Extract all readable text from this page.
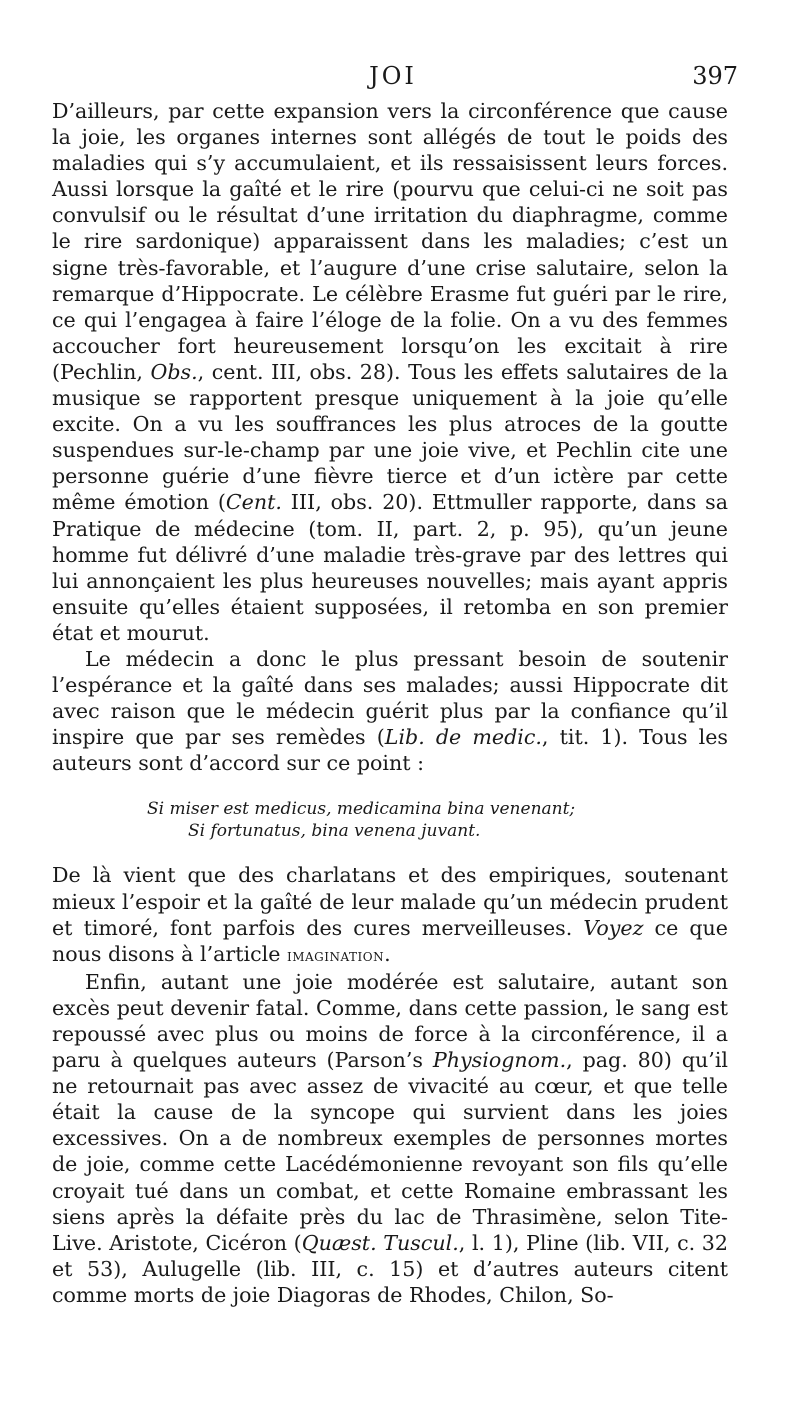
JOI	397

D’ailleurs, par cette expansion vers la circonférence que cause la joie, les organes internes sont allégés de tout le poids des maladies qui s’y accumulaient, et ils ressaisissent leurs forces. Aussi lorsque la gaîté et le rire (pourvu que celui-ci ne soit pas convulsif ou le résultat d’une irritation du diaphragme, comme le rire sardonique) apparaissent dans les maladies; c’est un signe très-favorable, et l’augure d’une crise salutaire, selon la remarque d’Hippocrate. Le célèbre Erasme fut guéri par le rire, ce qui l’engagea à faire l’éloge de la folie. On a vu des femmes accoucher fort heureusement lorsqu’on les excitait à rire (Pechlin, Obs., cent. III, obs. 28). Tous les effets salutaires de la musique se rapportent presque uniquement à la joie qu’elle excite. On a vu les souffrances les plus atroces de la goutte suspendues sur-le-champ par une joie vive, et Pechlin cite une personne guérie d’une fièvre tierce et d’un ictère par cette même émotion (Cent. III, obs. 20). Ettmuller rapporte, dans sa Pratique de médecine (tom. II, part. 2, p. 95), qu’un jeune homme fut délivré d’une maladie très-grave par des lettres qui lui annonçaient les plus heureuses nouvelles; mais ayant appris ensuite qu’elles étaient supposées, il retomba en son premier état et mourut.

Le médecin a donc le plus pressant besoin de soutenir l’espérance et la gaîté dans ses malades; aussi Hippocrate dit avec raison que le médecin guérit plus par la confiance qu’il inspire que par ses remèdes (Lib. de medic., tit. 1). Tous les auteurs sont d’accord sur ce point :

Si miser est medicus, medicamina bina venenant;
Si fortunatus, bina venena juvant.

De là vient que des charlatans et des empiriques, soutenant mieux l’espoir et la gaîté de leur malade qu’un médecin prudent et timoré, font parfois des cures merveilleuses. Voyez ce que nous disons à l’article imagination.

Enfin, autant une joie modérée est salutaire, autant son excès peut devenir fatal. Comme, dans cette passion, le sang est repoussé avec plus ou moins de force à la circonférence, il a paru à quelques auteurs (Parson’s Physiognom., pag. 80) qu’il ne retournait pas avec assez de vivacité au cœur, et que telle était la cause de la syncope qui survient dans les joies excessives. On a de nombreux exemples de personnes mortes de joie, comme cette Lacédémonienne revoyant son fils qu’elle croyait tué dans un combat, et cette Romaine embrassant les siens après la défaite près du lac de Thrasimène, selon Tite-Live. Aristote, Cicéron (Quæst. Tuscul., l. 1), Pline (lib. VII, c. 32 et 53), Aulugelle (lib. III, c. 15) et d’autres auteurs citent comme morts de joie Diagoras de Rhodes, Chilon, So-
